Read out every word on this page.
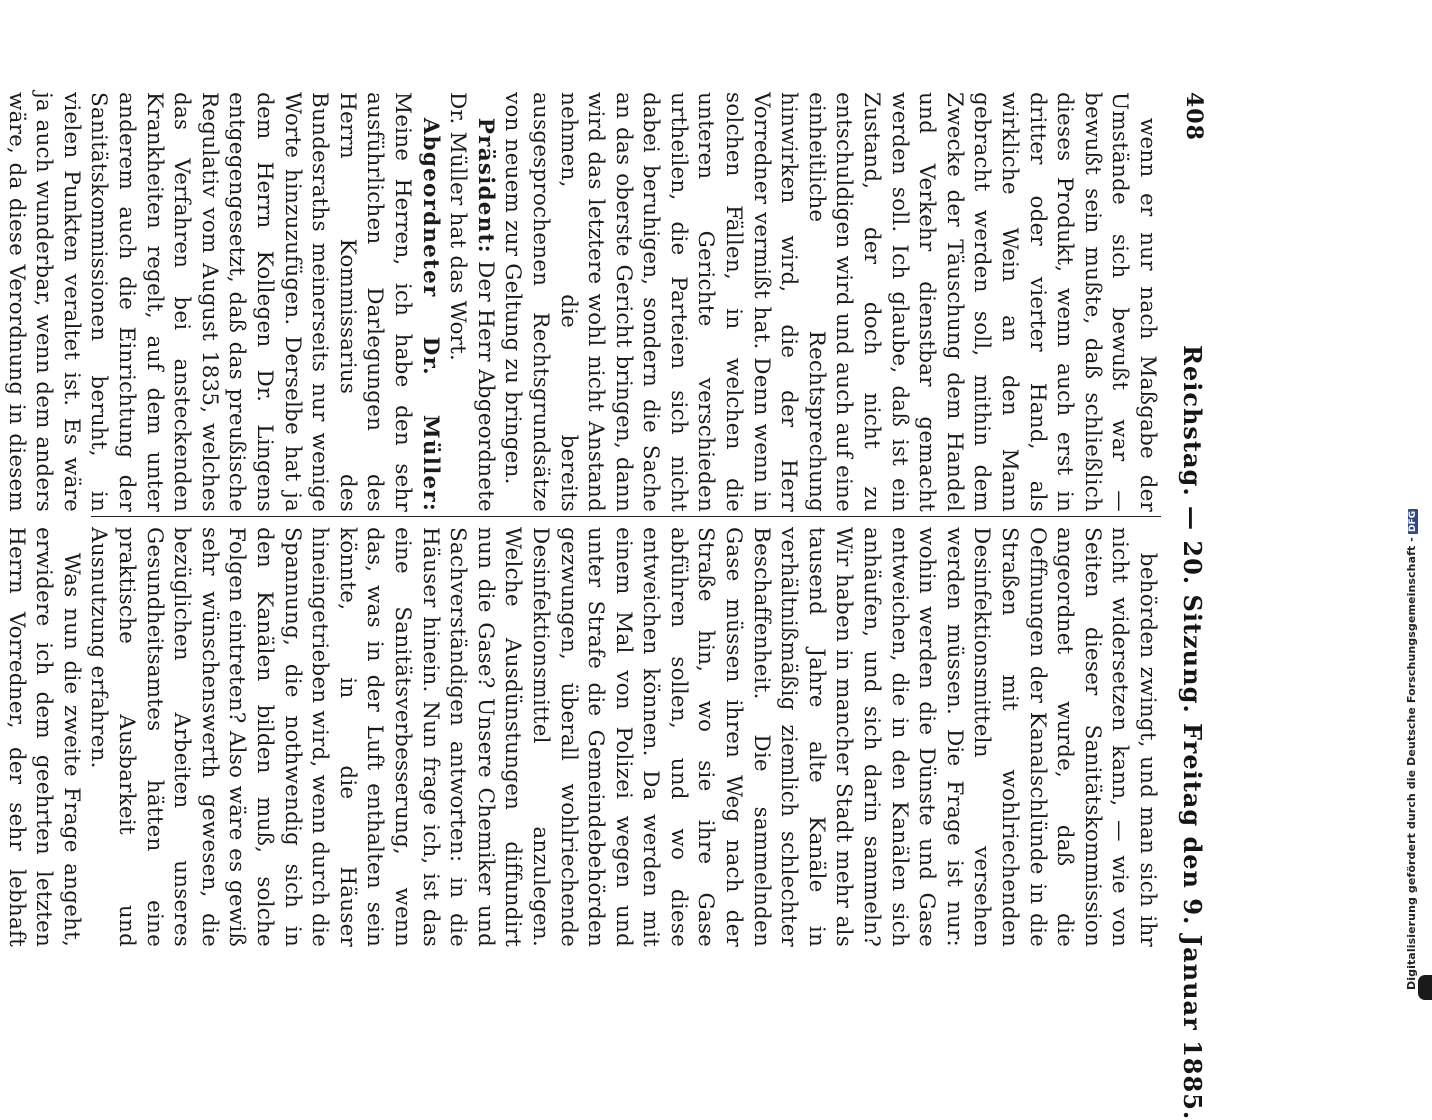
408
Reichstag. — 20. Sitzung. Freitag den 9. Januar 1885.

wenn er nur nach Maßgabe der Umstände sich bewußt war — bewußt sein mußte, daß schließlich dieses Produkt, wenn auch erst in dritter oder vierter Hand, als wirkliche Wein an den Mann gebracht werden soll, mithin dem Zwecke der Täuschung dem Handel und Verkehr dienstbar gemacht werden soll. Ich glaube, daß ist ein Zustand, der doch nicht zu entschuldigen wird und auch auf eine einheitliche Rechtsprechung hinwirken wird, die der Herr Vorredner vermißt hat. Denn wenn in solchen Fällen, in welchen die unteren Gerichte verschieden urtheilen, die Parteien sich nicht dabei beruhigen, sondern die Sache an das oberste Gericht bringen, dann wird das letztere wohl nicht Anstand nehmen, die bereits ausgesprochenen Rechtsgrundsätze von neuem zur Geltung zu bringen.

Präsident: Der Herr Abgeordnete Dr. Müller hat das Wort.

Abgeordneter Dr. Müller: Meine Herren, ich habe den sehr ausführlichen Darlegungen des Herrn Kommissarius des Bundesraths meinerseits nur wenige Worte hinzuzufügen. Derselbe hat ja dem Herrn Kollegen Dr. Lingens entgegengesetzt, daß das preußische Regulativ vom August 1835, welches das Verfahren bei ansteckenden Krankheiten regelt, auf dem unter anderem auch die Einrichtung der Sanitätskommissionen beruht, in vielen Punkten veraltet ist. Es wäre ja auch wunderbar, wenn dem anders wäre, da diese Verordnung in diesem

behörden zwingt, und man sich ihr nicht widersetzen kann, — wie von Seiten dieser Sanitätskommission angeordnet wurde, daß die Oeffnungen der Kanalschlünde in die Straßen mit wohlriechenden Desinfektionsmitteln versehen werden müssen. Die Frage ist nur: wohin werden die Dünste und Gase entweichen, die in den Kanälen sich anhäufen, und sich darin sammeln? Wir haben in mancher Stadt mehr als tausend Jahre alte Kanäle in verhältnißmäßig ziemlich schlechter Beschaffenheit. Die sammelnden Gase müssen ihren Weg nach der Straße hin, wo sie ihre Gase abführen sollen, und wo diese entweichen können. Da werden mit einem Mal von Polizei wegen und unter Strafe die Gemeindebehörden gezwungen, überall wohlriechende Desinfektionsmittel anzulegen. Welche Ausdünstungen diffundirt nun die Gase? Unsere Chemiker und Sachverständigen antworten: in die Häuser hinein. Nun frage ich, ist das eine Sanitätsverbesserung, wenn das, was in der Luft enthalten sein könnte, in die Häuser hineingetrieben wird, wenn durch die Spannung, die nothwendig sich in den Kanälen bilden muß, solche Folgen eintreten? Also wäre es gewiß sehr wünschenswerth gewesen, die bezüglichen Arbeiten unseres Gesundheitsamtes hätten eine praktische Ausbarkeit und Ausnutzung erfahren.

Was nun die zweite Frage angeht, erwidere ich dem geehrten letzten Herrn Vorredner, der sehr lebhaft	Digitalisierung gefördert durch die Deutsche Forschungsgemeinschaft -DFG
